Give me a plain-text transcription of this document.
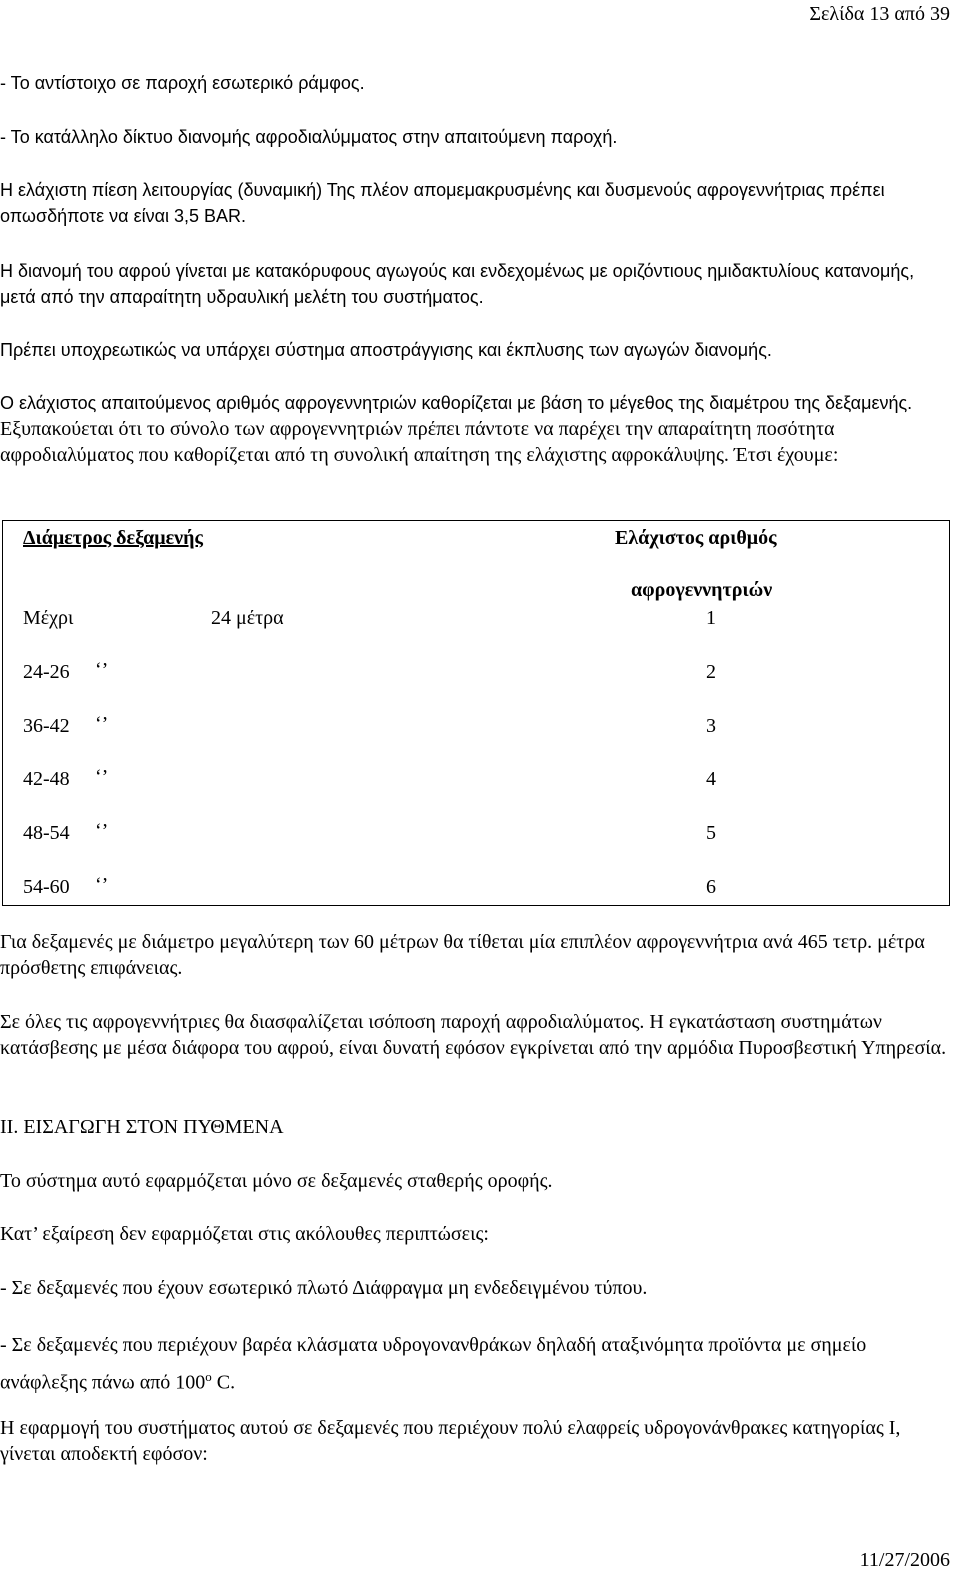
Σελίδα 13 από 39

- Το αντίστοιχο σε παροχή εσωτερικό ράμφος.

- Το κατάλληλο δίκτυο διανομής αφροδιαλύμματος στην απαιτούμενη παροχή.

Η ελάχιστη πίεση λειτουργίας (δυναμική) Της πλέον απομεμακρυσμένης και δυσμενούς αφρογεννήτριας πρέπει οπωσδήποτε να είναι 3,5 BAR.

Η διανομή του αφρού γίνεται με κατακόρυφους αγωγούς και ενδεχομένως με οριζόντιους ημιδακτυλίους κατανομής, μετά από την απαραίτητη υδραυλική μελέτη του συστήματος.

Πρέπει υποχρεωτικώς να υπάρχει σύστημα αποστράγγισης και έκπλυσης των αγωγών διανομής.

Ο ελάχιστος απαιτούμενος αριθμός αφρογεννητριών καθορίζεται με βάση το μέγεθος της διαμέτρου της δεξαμενής. Εξυπακούεται ότι το σύνολο των αφρογεννητριών πρέπει πάντοτε να παρέχει την απαραίτητη ποσότητα αφροδιαλύματος που καθορίζεται από τη συνολική απαίτηση της ελάχιστης αφροκάλυψης. Έτσι έχουμε:

Διάμετρος δεξαμενής	Ελάχιστος αριθμός
αφρογεννητριών
Μέχρι	24 μέτρα	1
24-26 ‘’	2
36-42 ‘’	3
42-48 ‘’	4
48-54 ‘’	5
54-60 ‘’	6

Για δεξαμενές με διάμετρο μεγαλύτερη των 60 μέτρων θα τίθεται μία επιπλέον αφρογεννήτρια ανά 465 τετρ. μέτρα πρόσθετης επιφάνειας.

Σε όλες τις αφρογεννήτριες θα διασφαλίζεται ισόποση παροχή αφροδιαλύματος. Η εγκατάσταση συστημάτων κατάσβεσης με μέσα διάφορα του αφρού, είναι δυνατή εφόσον εγκρίνεται από την αρμόδια Πυροσβεστική Υπηρεσία.

ΙΙ. ΕΙΣΑΓΩΓΗ ΣΤΟΝ ΠΥΘΜΕΝΑ

Το σύστημα αυτό εφαρμόζεται μόνο σε δεξαμενές σταθερής οροφής.

Κατ’ εξαίρεση δεν εφαρμόζεται στις ακόλουθες περιπτώσεις:

- Σε δεξαμενές που έχουν εσωτερικό πλωτό Διάφραγμα μη ενδεδειγμένου τύπου.

- Σε δεξαμενές που περιέχουν βαρέα κλάσματα υδρογονανθράκων δηλαδή αταξινόμητα προϊόντα με σημείο ανάφλεξης πάνω από $100^o$ C.

Η εφαρμογή του συστήματος αυτού σε δεξαμενές που περιέχουν πολύ ελαφρείς υδρογονάνθρακες κατηγορίας Ι, γίνεται αποδεκτή εφόσον:

11/27/2006
